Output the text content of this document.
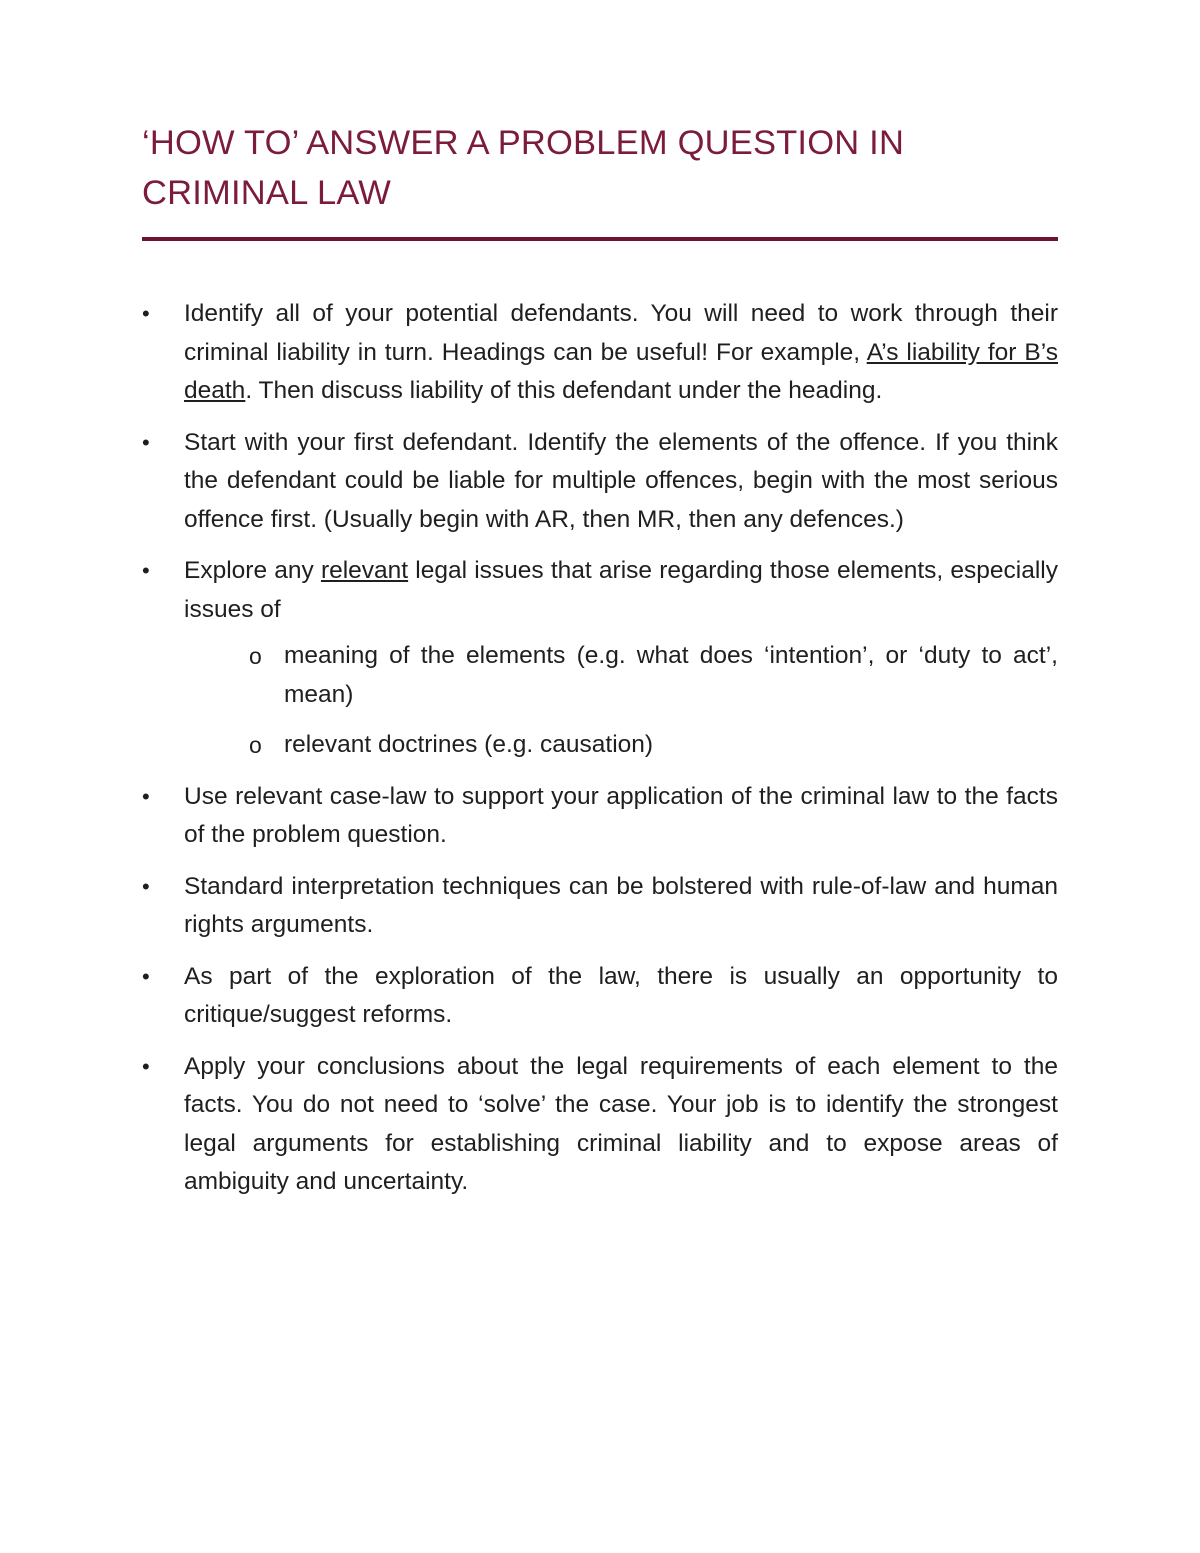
‘HOW TO’ ANSWER A PROBLEM QUESTION IN CRIMINAL LAW
• Identify all of your potential defendants. You will need to work through their criminal liability in turn. Headings can be useful! For example, A’s liability for B’s death. Then discuss liability of this defendant under the heading.
• Start with your first defendant. Identify the elements of the offence. If you think the defendant could be liable for multiple offences, begin with the most serious offence first. (Usually begin with AR, then MR, then any defences.)
• Explore any relevant legal issues that arise regarding those elements, especially issues of
o meaning of the elements (e.g. what does ‘intention’, or ‘duty to act’, mean)
o relevant doctrines (e.g. causation)
• Use relevant case-law to support your application of the criminal law to the facts of the problem question.
• Standard interpretation techniques can be bolstered with rule-of-law and human rights arguments.
• As part of the exploration of the law, there is usually an opportunity to critique/suggest reforms.
• Apply your conclusions about the legal requirements of each element to the facts. You do not need to ‘solve’ the case. Your job is to identify the strongest legal arguments for establishing criminal liability and to expose areas of ambiguity and uncertainty.
